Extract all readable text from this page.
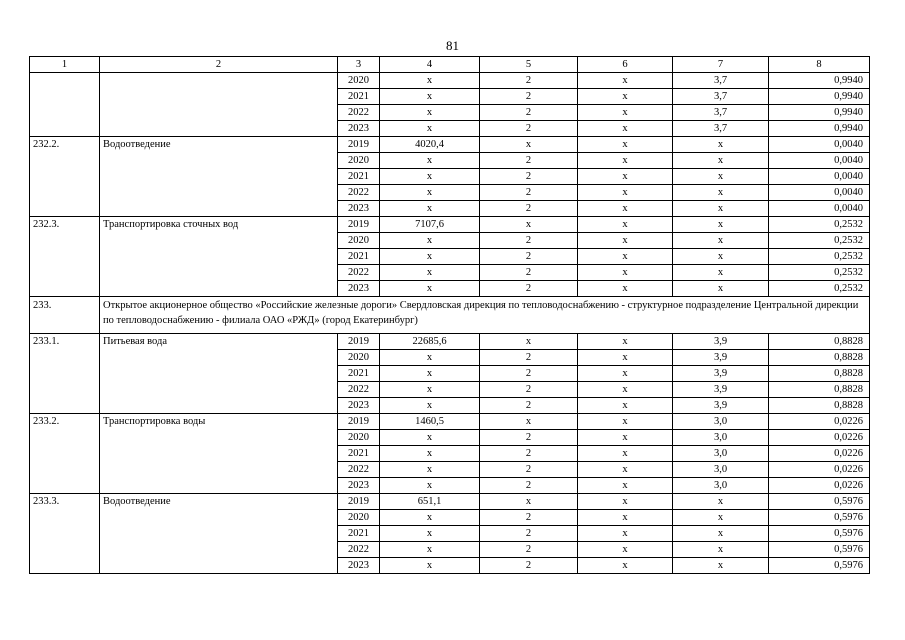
81
1	2	3	4	5	6	7	8
		2020	x	2	x	3,7	0,9940
		2021	x	2	x	3,7	0,9940
		2022	x	2	x	3,7	0,9940
		2023	x	2	x	3,7	0,9940
232.2.	Водоотведение	2019	4020,4	x	x	x	0,0040
		2020	x	2	x	x	0,0040
		2021	x	2	x	x	0,0040
		2022	x	2	x	x	0,0040
		2023	x	2	x	x	0,0040
232.3.	Транспортировка сточных вод	2019	7107,6	x	x	x	0,2532
		2020	x	2	x	x	0,2532
		2021	x	2	x	x	0,2532
		2022	x	2	x	x	0,2532
		2023	x	2	x	x	0,2532
233.	Открытое акционерное общество «Российские железные дороги» Свердловская дирекция по тепловодоснабжению - структурное подразделение Центральной дирекции по тепловодоснабжению - филиала ОАО «РЖД» (город Екатеринбург)						
233.1.	Питьевая вода	2019	22685,6	x	x	3,9	0,8828
		2020	x	2	x	3,9	0,8828
		2021	x	2	x	3,9	0,8828
		2022	x	2	x	3,9	0,8828
		2023	x	2	x	3,9	0,8828
233.2.	Транспортировка воды	2019	1460,5	x	x	3,0	0,0226
		2020	x	2	x	3,0	0,0226
		2021	x	2	x	3,0	0,0226
		2022	x	2	x	3,0	0,0226
		2023	x	2	x	3,0	0,0226
233.3.	Водоотведение	2019	651,1	x	x	x	0,5976
		2020	x	2	x	x	0,5976
		2021	x	2	x	x	0,5976
		2022	x	2	x	x	0,5976
		2023	x	2	x	x	0,5976
